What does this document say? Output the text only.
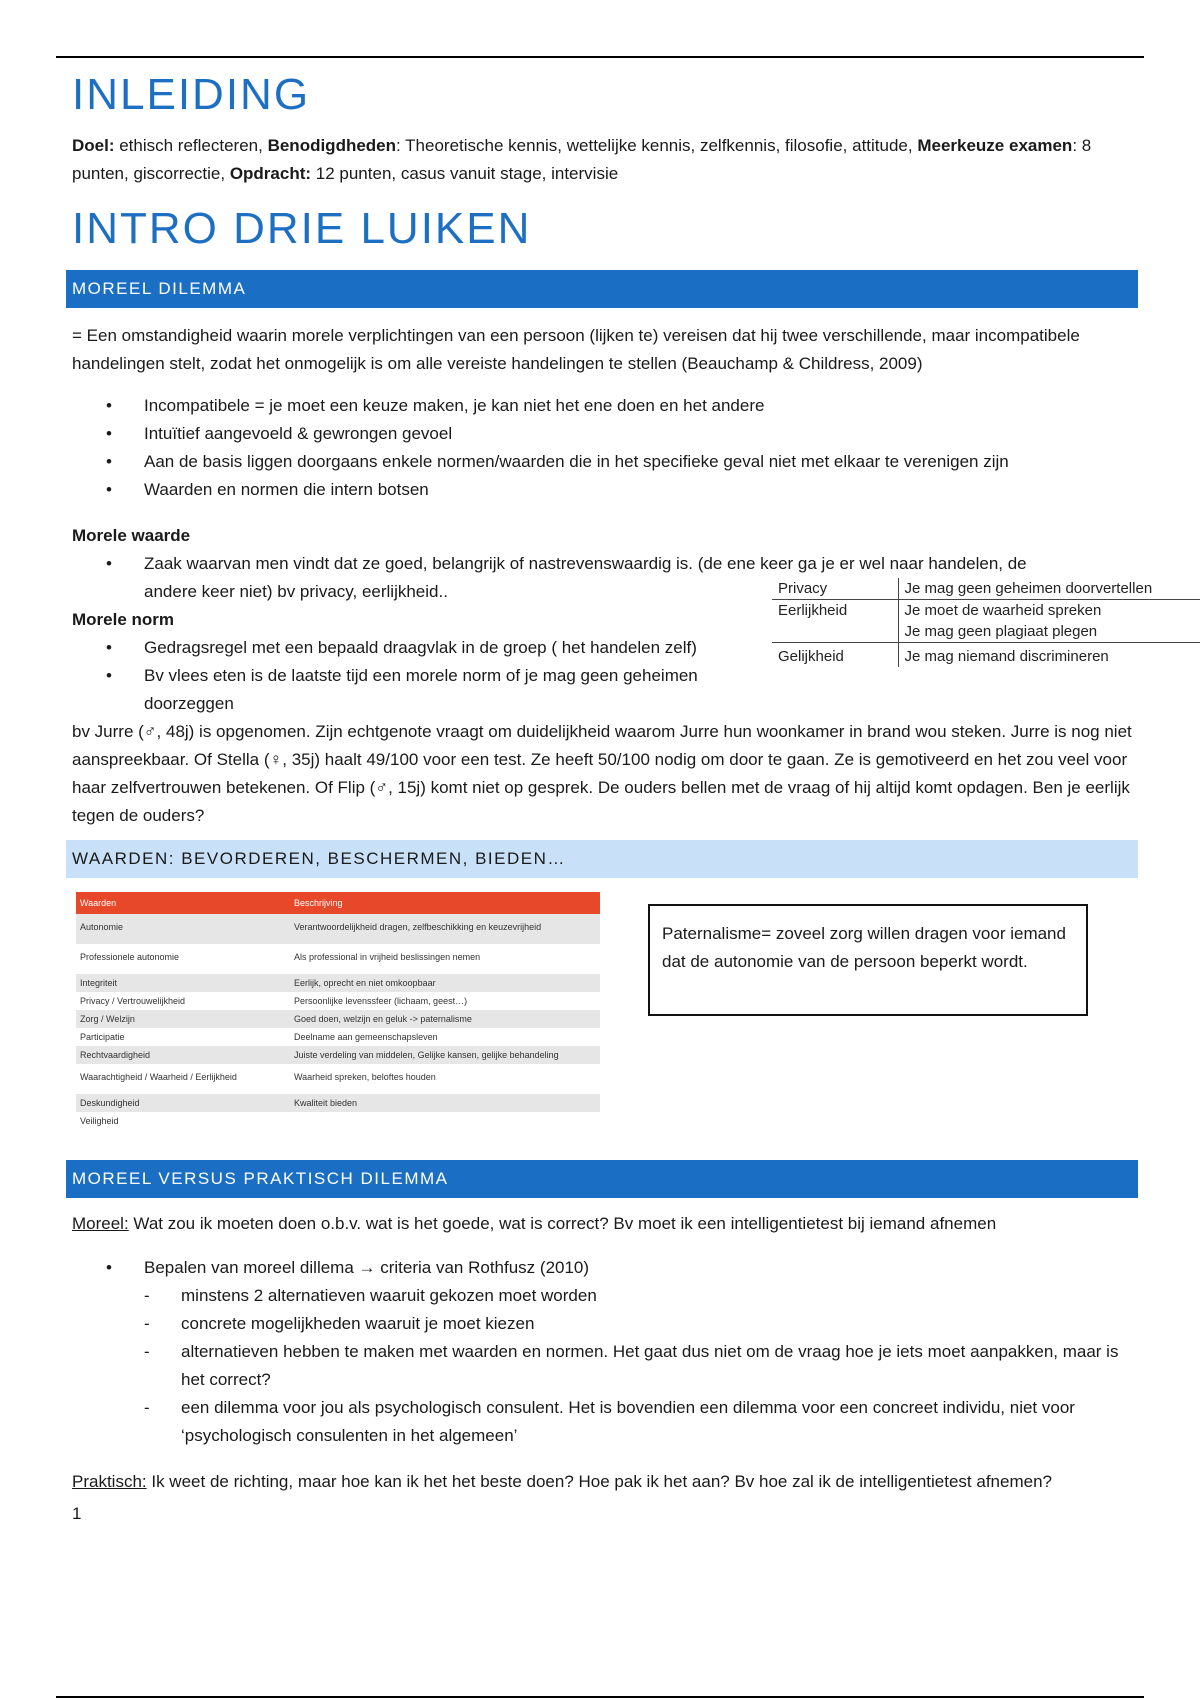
INLEIDING

Doel: ethisch reflecteren, Benodigdheden: Theoretische kennis, wettelijke kennis, zelfkennis, filosofie, attitude, Meerkeuze examen: 8 punten, giscorrectie, Opdracht: 12 punten, casus vanuit stage, intervisie

INTRO DRIE LUIKEN
MOREEL DILEMMA

= Een omstandigheid waarin morele verplichtingen van een persoon (lijken te) vereisen dat hij twee verschillende, maar incompatibele handelingen stelt, zodat het onmogelijk is om alle vereiste handelingen te stellen (Beauchamp & Childress, 2009)

• Incompatibele = je moet een keuze maken, je kan niet het ene doen en het andere
• Intuïtief aangevoeld & gewrongen gevoel
• Aan de basis liggen doorgaans enkele normen/waarden die in het specifieke geval niet met elkaar te verenigen zijn
• Waarden en normen die intern botsen

Morele waarde

• Zaak waarvan men vindt dat ze goed, belangrijk of nastrevenswaardig is. (de ene keer ga je er wel naar handelen, de andere keer niet) bv privacy, eerlijkheid..

Morele norm

• Gedragsregel met een bepaald draagvlak in de groep ( het handelen zelf)
• Bv vlees eten is de laatste tijd een morele norm of je mag geen geheimen doorzeggen
Privacy	Je mag geen geheimen doorvertellen
Eerlijkheid	Je moet de waarheid spreken
	Je mag geen plagiaat plegen
Gelijkheid	Je mag niemand discrimineren

bv Jurre (♂, 48j) is opgenomen. Zijn echtgenote vraagt om duidelijkheid waarom Jurre hun woonkamer in brand wou steken. Jurre is nog niet aanspreekbaar. Of Stella (♀, 35j) haalt 49/100 voor een test. Ze heeft 50/100 nodig om door te gaan. Ze is gemotiveerd en het zou veel voor haar zelfvertrouwen betekenen. Of Flip (♂, 15j) komt niet op gesprek. De ouders bellen met de vraag of hij altijd komt opdagen. Ben je eerlijk tegen de ouders?

WAARDEN: BEVORDEREN, BESCHERMEN, BIEDEN…
Waarden	Beschrijving
Autonomie	Verantwoordelijkheid dragen, zelfbeschikking en keuzevrijheid
Professionele autonomie	Als professional in vrijheid beslissingen nemen
Integriteit	Eerlijk, oprecht en niet omkoopbaar
Privacy / Vertrouwelijkheid	Persoonlijke levenssfeer (lichaam, geest…)
Zorg / Welzijn	Goed doen, welzijn en geluk -> paternalisme
Participatie	Deelname aan gemeenschapsleven
Rechtvaardigheid	Juiste verdeling van middelen, Gelijke kansen, gelijke behandeling
Waarachtigheid / Waarheid / Eerlijkheid	Waarheid spreken, beloftes houden
Deskundigheid	Kwaliteit bieden
Veiligheid	
Paternalisme= zoveel zorg willen dragen voor iemand dat de autonomie van de persoon beperkt wordt.
MOREEL VERSUS PRAKTISCH DILEMMA

Moreel: Wat zou ik moeten doen o.b.v. wat is het goede, wat is correct? Bv moet ik een intelligentietest bij iemand afnemen

• Bepalen van moreel dillema → criteria van Rothfusz (2010)
- minstens 2 alternatieven waaruit gekozen moet worden
- concrete mogelijkheden waaruit je moet kiezen
- alternatieven hebben te maken met waarden en normen. Het gaat dus niet om de vraag hoe je iets moet aanpakken, maar is het correct?
- een dilemma voor jou als psychologisch consulent. Het is bovendien een dilemma voor een concreet individu, niet voor ‘psychologisch consulenten in het algemeen’

Praktisch: Ik weet de richting, maar hoe kan ik het het beste doen? Hoe pak ik het aan? Bv hoe zal ik de intelligentietest afnemen?

1
